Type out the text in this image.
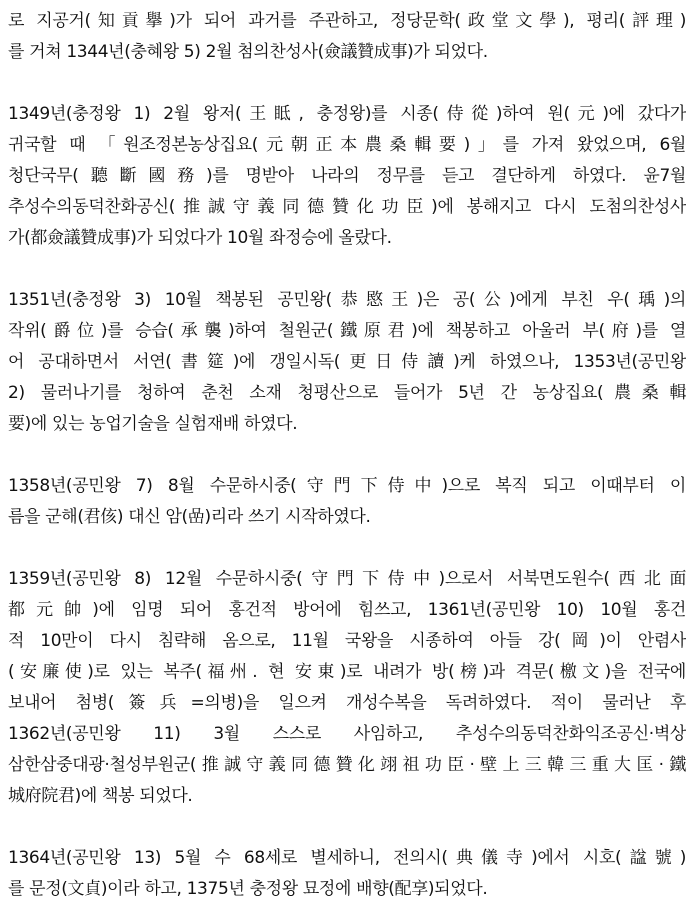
로 지공거(知貢擧)가 되어 과거를 주관하고, 정당문학(政堂文學), 평리(評理)
를 거쳐 1344년(충혜왕 5) 2월 첨의찬성사(僉議贊成事)가 되었다.
1349년(충정왕 1) 2월 왕저(王眡, 충정왕)를 시종(侍從)하여 원(元)에 갔다가
귀국할 때 「원조정본농상집요(元朝正本農桑輯要)」를 가져 왔었으며, 6월
청단국무(聽斷國務)를 명받아 나라의 정무를 듣고 결단하게 하였다. 윤7월
추성수의동덕찬화공신(推誠守義同德贊化功臣)에 봉해지고 다시 도첨의찬성사
가(都僉議贊成事)가 되었다가 10월 좌정승에 올랐다.
1351년(충정왕 3) 10월 책봉된 공민왕(恭愍王)은 공(公)에게 부친 우(瑀)의
작위(爵位)를 승습(承襲)하여 철원군(鐵原君)에 책봉하고 아울러 부(府)를 열
어 공대하면서 서연(書筵)에 갱일시독(更日侍讀)케 하였으나, 1353년(공민왕
2) 물러나기를 청하여 춘천 소재 청평산으로 들어가 5년 간 농상집요(農桑輯
要)에 있는 농업기술을 실험재배 하였다.
1358년(공민왕 7) 8월 수문하시중(守門下侍中)으로 복직 되고 이때부터 이
름을 군해(君侅) 대신 암(嵒)리라 쓰기 시작하였다.
1359년(공민왕 8) 12월 수문하시중(守門下侍中)으로서 서북면도원수(西北面
都元帥)에 임명 되어 홍건적 방어에 힘쓰고, 1361년(공민왕 10) 10월 홍건
적 10만이 다시 침략해 옴으로, 11월 국왕을 시종하여 아들 강(岡)이 안렴사
(安廉使)로 있는 복주(福州. 현 安東)로 내려가 방(榜)과 격문(檄文)을 전국에
보내어 첨병(簽兵=의병)을 일으켜 개성수복을 독려하였다. 적이 물러난 후
1362년(공민왕 11) 3월 스스로 사임하고, 추성수의동덕찬화익조공신·벽상
삼한삼중대광·철성부원군(推誠守義同德贊化翊祖功臣·壁上三韓三重大匡·鐵
城府院君)에 책봉 되었다.
1364년(공민왕 13) 5월 수 68세로 별세하니, 전의시(典儀寺)에서 시호(諡號)
를 문정(文貞)이라 하고, 1375년 충정왕 묘정에 배향(配享)되었다.
